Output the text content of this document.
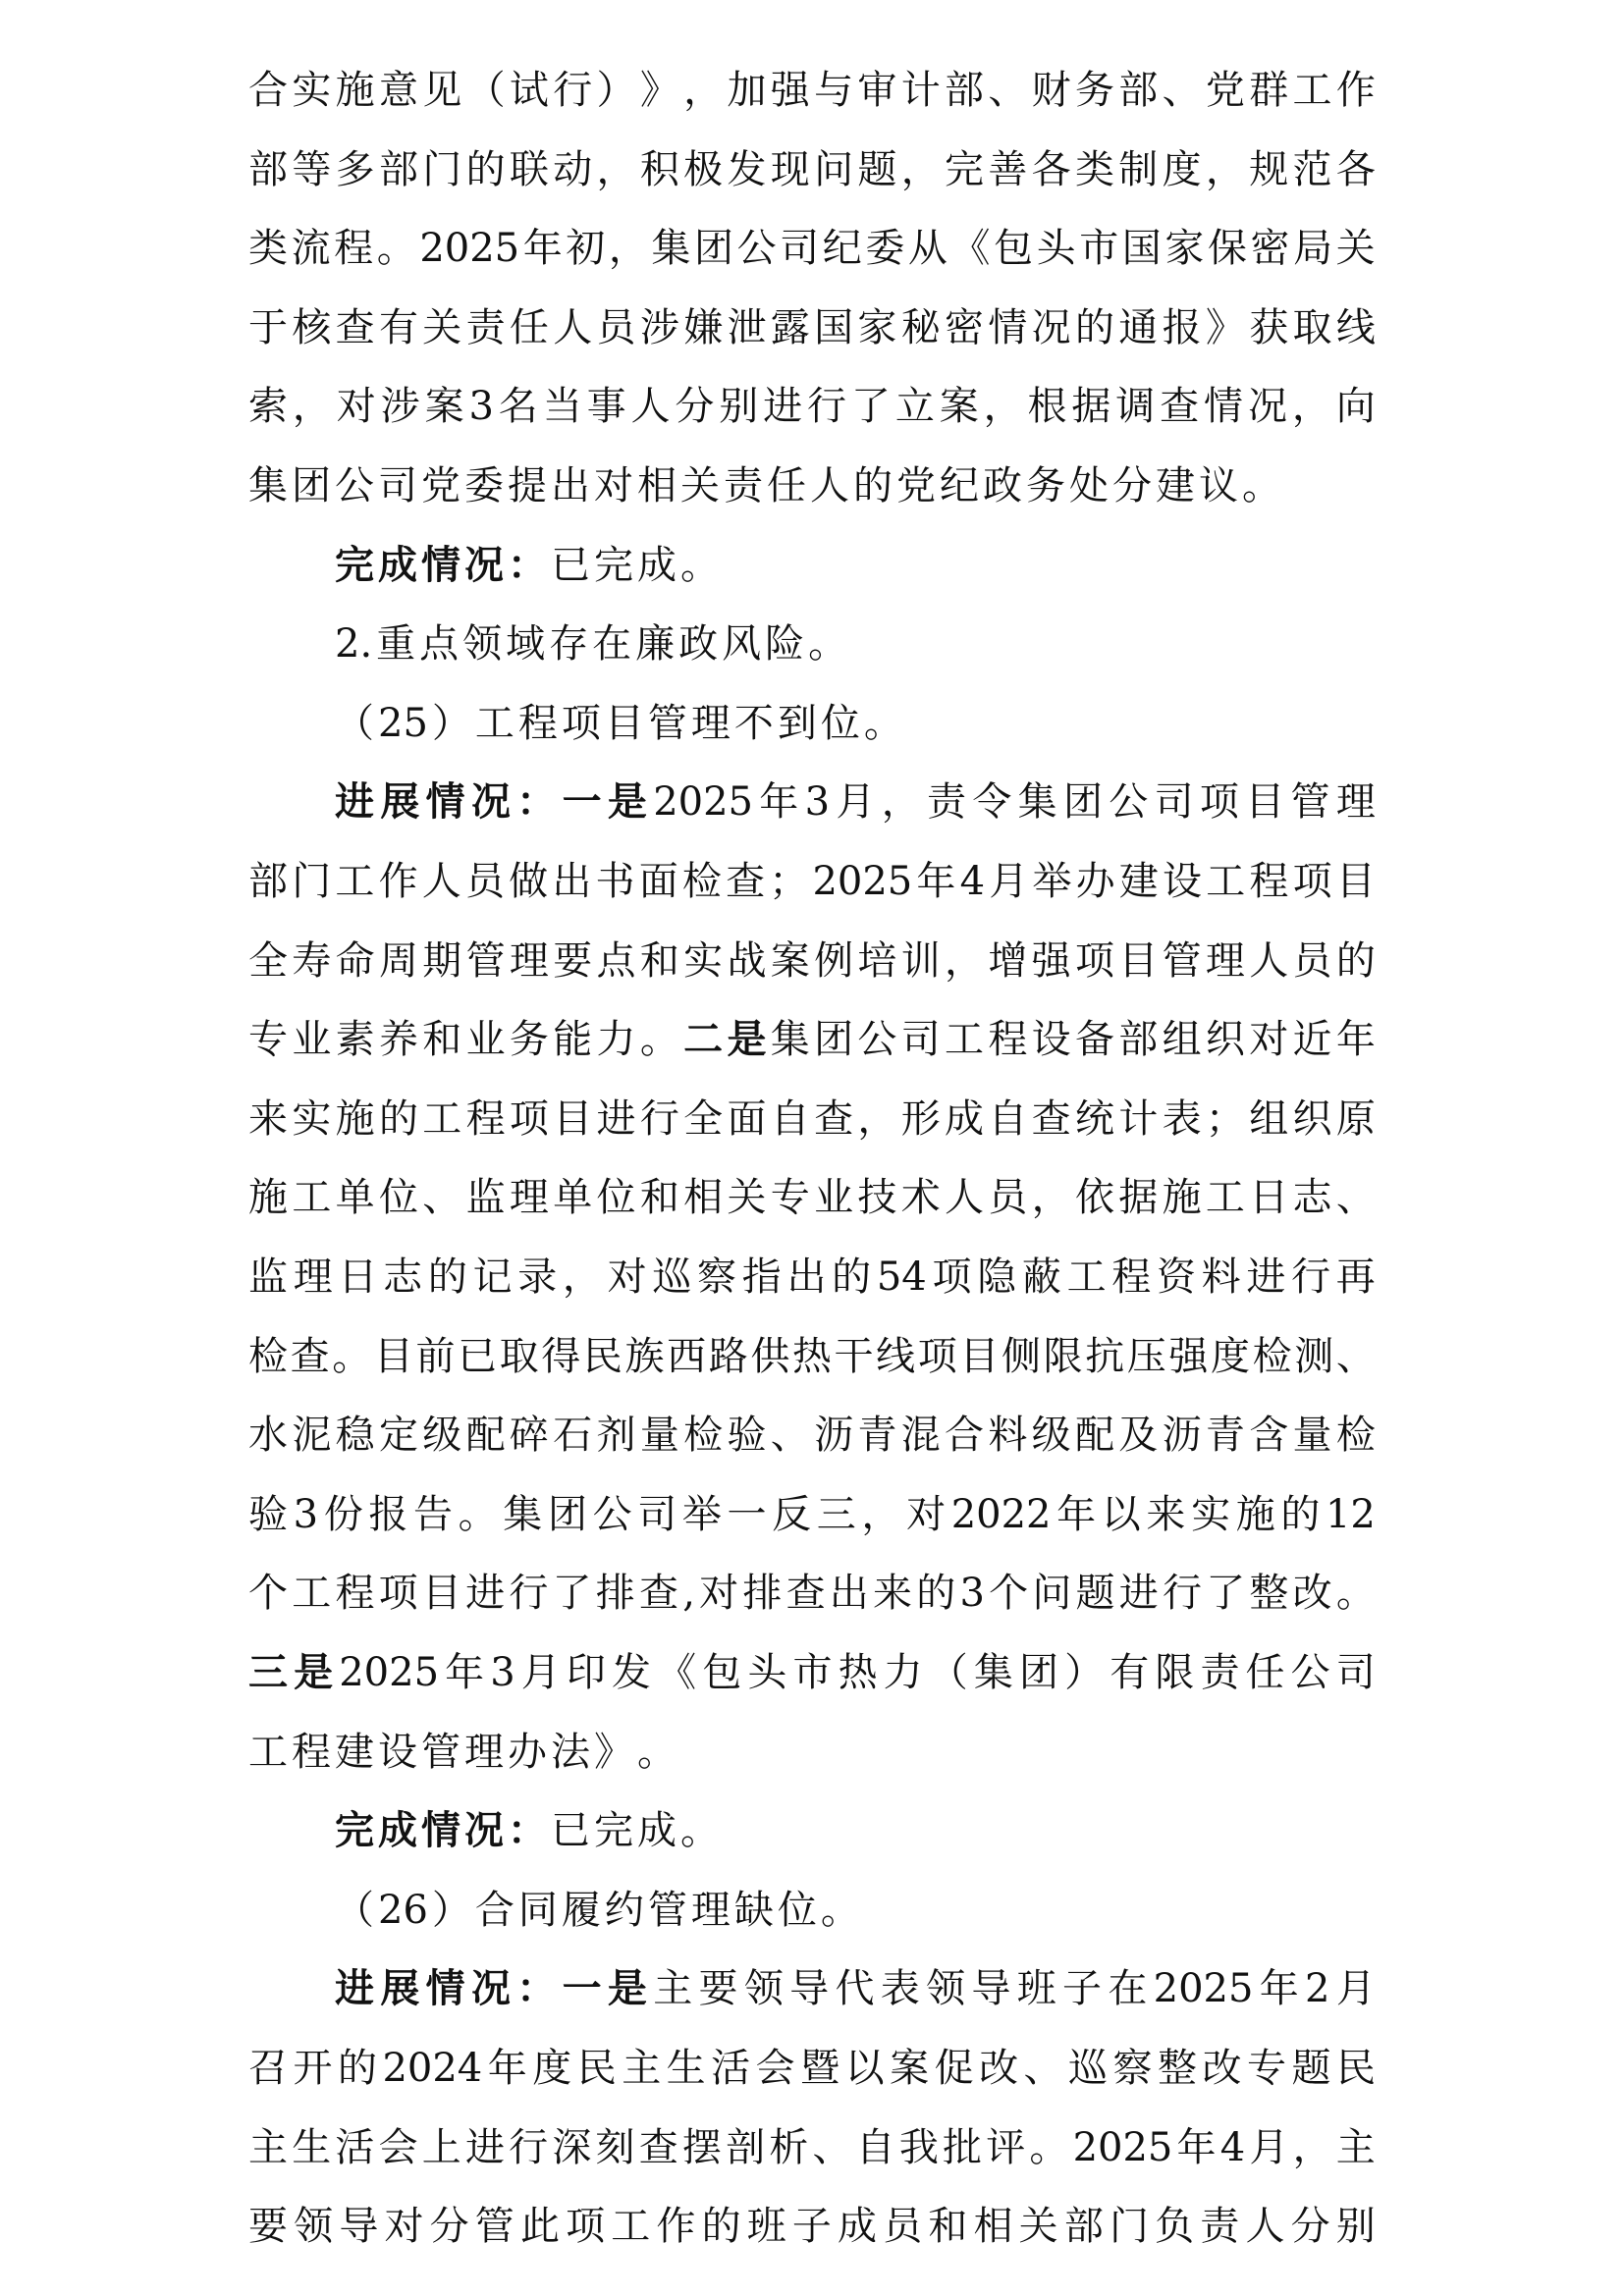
合 实 施 意 见 （ 试 行 ） 》 ， 加 强 与 审 计 部 、 财 务 部 、 党 群 工 作
部 等 多 部 门 的 联 动 ， 积 极 发 现 问 题 ， 完 善 各 类 制 度 ， 规 范 各
类 流 程 。 2025 年 初 ， 集 团 公 司 纪 委 从 《 包 头 市 国 家 保 密 局 关
于 核 查 有 关 责 任 人 员 涉 嫌 泄 露 国 家 秘 密 情 况 的 通 报 》 获 取 线
索 ， 对 涉 案 3 名 当 事 人 分 别 进 行 了 立 案 ， 根 据 调 查 情 况 ， 向
集 团 公 司 党 委 提 出 对 相 关 责 任 人 的 党 纪 政 务 处 分 建 议 。
完 成 情 况 ： 已 完 成 。
2. 重 点 领 域 存 在 廉 政 风 险 。
（ 25 ） 工 程 项 目 管 理 不 到 位 。
进 展 情 况 ： 一 是 2025 年 3 月 ， 责 令 集 团 公 司 项 目 管 理
部 门 工 作 人 员 做 出 书 面 检 查 ； 2025 年 4 月 举 办 建 设 工 程 项 目
全 寿 命 周 期 管 理 要 点 和 实 战 案 例 培 训 ， 增 强 项 目 管 理 人 员 的
专 业 素 养 和 业 务 能 力 。 二 是 集 团 公 司 工 程 设 备 部 组 织 对 近 年
来 实 施 的 工 程 项 目 进 行 全 面 自 查 ， 形 成 自 查 统 计 表 ； 组 织 原
施 工 单 位 、 监 理 单 位 和 相 关 专 业 技 术 人 员 ， 依 据 施 工 日 志 、
监 理 日 志 的 记 录 ， 对 巡 察 指 出 的 54 项 隐 蔽 工 程 资 料 进 行 再
检 查 。 目 前 已 取 得 民 族 西 路 供 热 干 线 项 目 侧 限 抗 压 强 度 检 测 、
水 泥 稳 定 级 配 碎 石 剂 量 检 验 、 沥 青 混 合 料 级 配 及 沥 青 含 量 检
验 3 份 报 告 。 集 团 公 司 举 一 反 三 ， 对 2022 年 以 来 实 施 的 12
个 工 程 项 目 进 行 了 排 查 , 对 排 查 出 来 的 3 个 问 题 进 行 了 整 改 。
三 是 2025 年 3 月 印 发 《 包 头 市 热 力 （ 集 团 ） 有 限 责 任 公 司
工 程 建 设 管 理 办 法 》 。
完 成 情 况 ： 已 完 成 。
（ 26 ） 合 同 履 约 管 理 缺 位 。
进 展 情 况 ： 一 是 主 要 领 导 代 表 领 导 班 子 在 2025 年 2 月
召 开 的 2024 年 度 民 主 生 活 会 暨 以 案 促 改 、 巡 察 整 改 专 题 民
主 生 活 会 上 进 行 深 刻 查 摆 剖 析 、 自 我 批 评 。 2025 年 4 月 ， 主
要 领 导 对 分 管 此 项 工 作 的 班 子 成 员 和 相 关 部 门 负 责 人 分 别
